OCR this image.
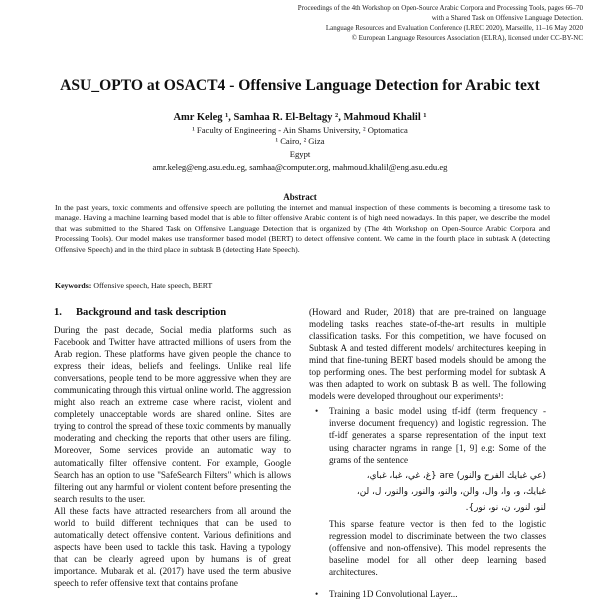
Proceedings of the 4th Workshop on Open-Source Arabic Corpora and Processing Tools, pages 66–70
with a Shared Task on Offensive Language Detection.
Language Resources and Evaluation Conference (LREC 2020), Marseille, 11–16 May 2020
© European Language Resources Association (ELRA), licensed under CC-BY-NC
ASU_OPTO at OSACT4 - Offensive Language Detection for Arabic text
Amr Keleg ¹, Samhaa R. El-Beltagy ², Mahmoud Khalil ¹
¹ Faculty of Engineering - Ain Shams University, ² Optomatica
¹ Cairo, ² Giza
Egypt
amr.keleg@eng.asu.edu.eg, samhaa@computer.org, mahmoud.khalil@eng.asu.edu.eg
Abstract
In the past years, toxic comments and offensive speech are polluting the internet and manual inspection of these comments is becoming a tiresome task to manage. Having a machine learning based model that is able to filter offensive Arabic content is of high need nowadays. In this paper, we describe the model that was submitted to the Shared Task on Offensive Language Detection that is organized by (The 4th Workshop on Open-Source Arabic Corpora and Processing Tools). Our model makes use transformer based model (BERT) to detect offensive content. We came in the fourth place in subtask A (detecting Offensive Speech) and in the third place in subtask B (detecting Hate Speech).
Keywords: Offensive speech, Hate speech, BERT
1. Background and task description

During the past decade, Social media platforms such as Facebook and Twitter have attracted millions of users from the Arab region. These platforms have given people the chance to express their ideas, beliefs and feelings. Unlike real life conversations, people tend to be more aggressive when they are communicating through this virtual online world. The aggression might also reach an extreme case where racist, violent and completely unacceptable words are shared online. Sites are trying to control the spread of these toxic comments by manually moderating and checking the reports that other users are filing. Moreover, Some services provide an automatic way to automatically filter offensive content. For example, Google Search has an option to use "SafeSearch Filters" which is allows filtering out any harmful or violent content before presenting the search results to the user.

All these facts have attracted researchers from all around the world to build different techniques that can be used to automatically detect offensive content. Various definitions and aspects have been used to tackle this task. Having a typology that can be clearly agreed upon by humans is of great importance. Mubarak et al. (2017) have used the term abusive speech to refer offensive text that contains profane

(Howard and Ruder, 2018) that are pre-trained on language modeling tasks reaches state-of-the-art results in multiple classification tasks. For this competition, we have focused on Subtask A and tested different models/ architectures keeping in mind that fine-tuning BERT based models should be among the top performing ones. The best performing model for subtask A was then adapted to work on subtask B as well. The following models were developed throughout our experiments¹:

• Training a basic model using tf-idf (term frequency - inverse document frequency) and logistic regression. The tf-idf generates a sparse representation of the input text using character ngrams in range [1, 9] e.g: Some of the grams of the sentence
(عي غبايك الفرح والنور) are {غ، غي، غبا، غباي،
غبايك، و، وا، وال، والن، والنو، والنور، والنور، ل، لن،
لنو، لنور، ن، نو، نور}.
This sparse feature vector is then fed to the logistic regression model to discriminate between the two classes (offensive and non-offensive). This model represents the baseline model for all other deep learning based architectures.
• Training 1D Convolutional Layer...
